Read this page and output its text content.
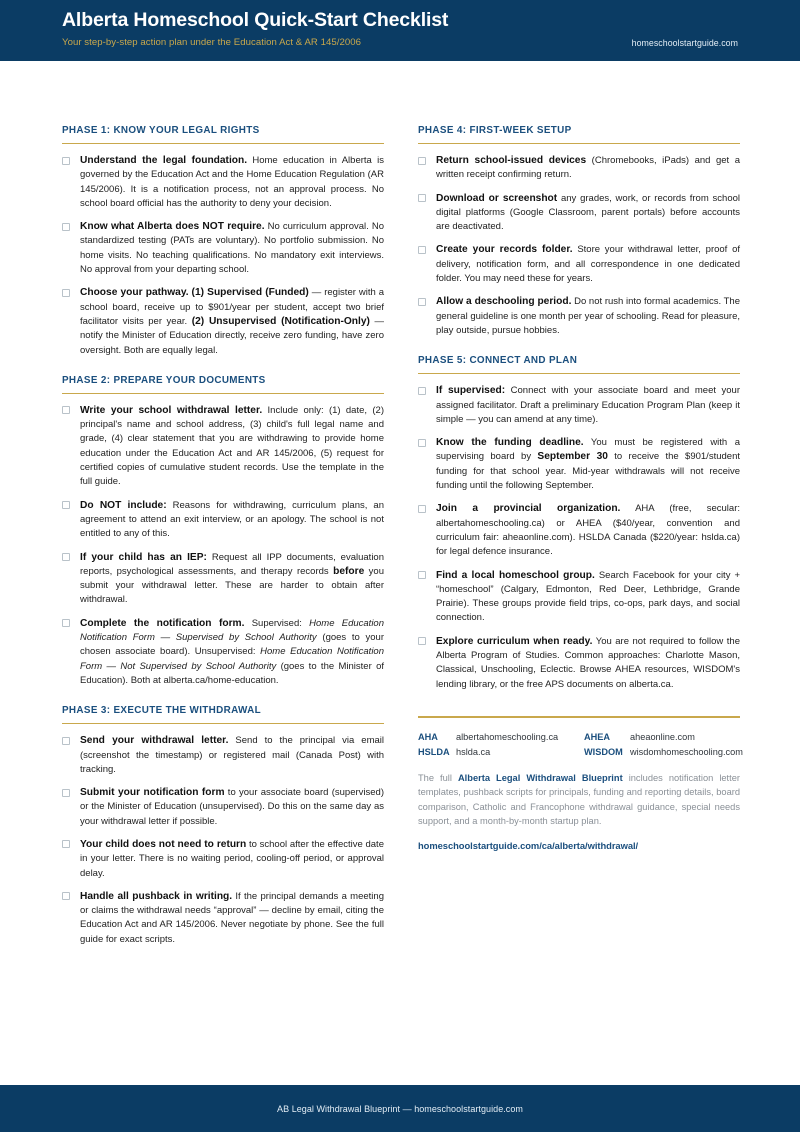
Alberta Homeschool Quick-Start Checklist
Your step-by-step action plan under the Education Act & AR 145/2006	homeschoolstartguide.com
PHASE 1: KNOW YOUR LEGAL RIGHTS
Understand the legal foundation. Home education in Alberta is governed by the Education Act and the Home Education Regulation (AR 145/2006). It is a notification process, not an approval process. No school board official has the authority to deny your decision.
Know what Alberta does NOT require. No curriculum approval. No standardized testing (PATs are voluntary). No portfolio submission. No home visits. No teaching qualifications. No mandatory exit interviews. No approval from your departing school.
Choose your pathway. (1) Supervised (Funded) — register with a school board, receive up to $901/year per student, accept two brief facilitator visits per year. (2) Unsupervised (Notification-Only) — notify the Minister of Education directly, receive zero funding, have zero oversight. Both are equally legal.
PHASE 2: PREPARE YOUR DOCUMENTS
Write your school withdrawal letter. Include only: (1) date, (2) principal's name and school address, (3) child's full legal name and grade, (4) clear statement that you are withdrawing to provide home education under the Education Act and AR 145/2006, (5) request for certified copies of cumulative student records. Use the template in the full guide.
Do NOT include: Reasons for withdrawing, curriculum plans, an agreement to attend an exit interview, or an apology. The school is not entitled to any of this.
If your child has an IEP: Request all IPP documents, evaluation reports, psychological assessments, and therapy records before you submit your withdrawal letter. These are harder to obtain after withdrawal.
Complete the notification form. Supervised: Home Education Notification Form — Supervised by School Authority (goes to your chosen associate board). Unsupervised: Home Education Notification Form — Not Supervised by School Authority (goes to the Minister of Education). Both at alberta.ca/home-education.
PHASE 3: EXECUTE THE WITHDRAWAL
Send your withdrawal letter. Send to the principal via email (screenshot the timestamp) or registered mail (Canada Post) with tracking.
Submit your notification form to your associate board (supervised) or the Minister of Education (unsupervised). Do this on the same day as your withdrawal letter if possible.
Your child does not need to return to school after the effective date in your letter. There is no waiting period, cooling-off period, or approval delay.
Handle all pushback in writing. If the principal demands a meeting or claims the withdrawal needs “approval” — decline by email, citing the Education Act and AR 145/2006. Never negotiate by phone. See the full guide for exact scripts.
PHASE 4: FIRST-WEEK SETUP
Return school-issued devices (Chromebooks, iPads) and get a written receipt confirming return.
Download or screenshot any grades, work, or records from school digital platforms (Google Classroom, parent portals) before accounts are deactivated.
Create your records folder. Store your withdrawal letter, proof of delivery, notification form, and all correspondence in one dedicated folder. You may need these for years.
Allow a deschooling period. Do not rush into formal academics. The general guideline is one month per year of schooling. Read for pleasure, play outside, pursue hobbies.
PHASE 5: CONNECT AND PLAN
If supervised: Connect with your associate board and meet your assigned facilitator. Draft a preliminary Education Program Plan (keep it simple — you can amend at any time).
Know the funding deadline. You must be registered with a supervising board by September 30 to receive the $901/student funding for that school year. Mid-year withdrawals will not receive funding until the following September.
Join a provincial organization. AHA (free, secular: albertahomeschooling.ca) or AHEA ($40/year, convention and curriculum fair: aheaonline.com). HSLDA Canada ($220/year: hslda.ca) for legal defence insurance.
Find a local homeschool group. Search Facebook for your city + “homeschool” (Calgary, Edmonton, Red Deer, Lethbridge, Grande Prairie). These groups provide field trips, co-ops, park days, and social connection.
Explore curriculum when ready. You are not required to follow the Alberta Program of Studies. Common approaches: Charlotte Mason, Classical, Unschooling, Eclectic. Browse AHEA resources, WISDOM's lending library, or the free APS documents on alberta.ca.
AHA	albertahomeschooling.ca	AHEA	aheaonline.com
HSLDA hslda.ca	WISDOM wisdomhomeschooling.com

The full Alberta Legal Withdrawal Blueprint includes notification letter templates, pushback scripts for principals, funding and reporting details, board comparison, Catholic and Francophone withdrawal guidance, special needs support, and a month-by-month startup plan.

homeschoolstartguide.com/ca/alberta/withdrawal/
AB Legal Withdrawal Blueprint — homeschoolstartguide.com
